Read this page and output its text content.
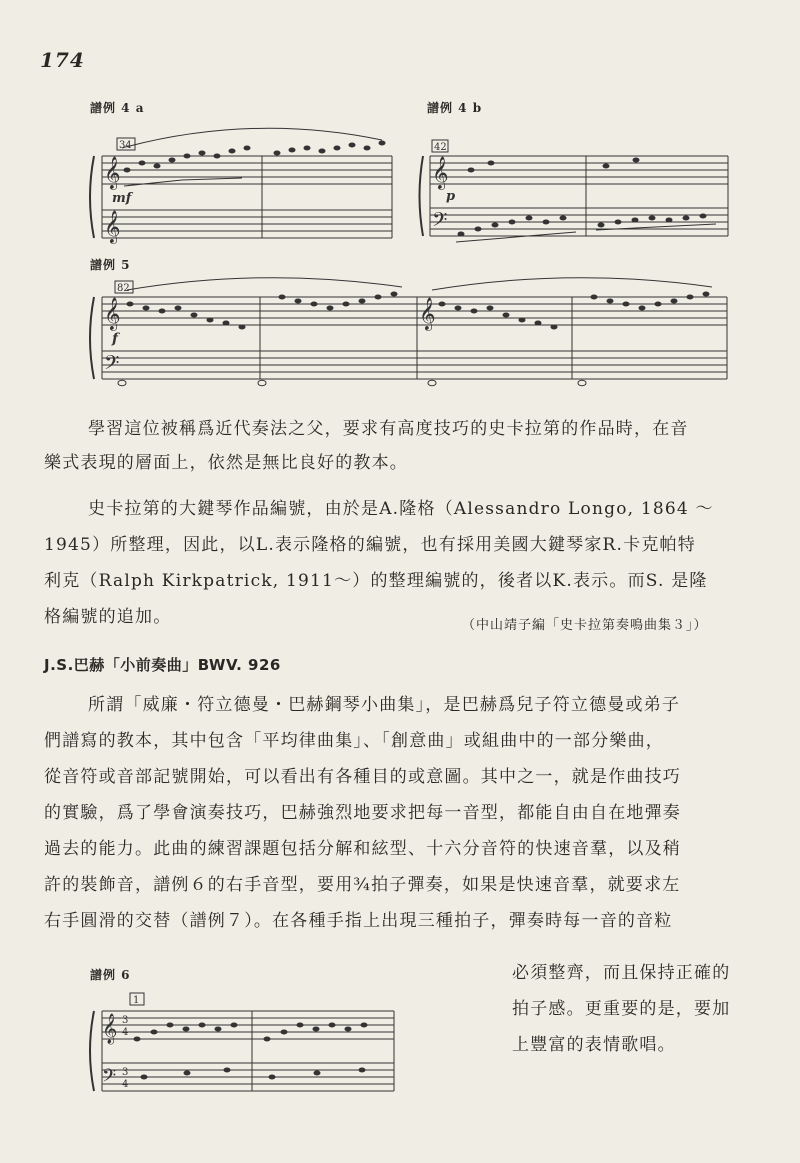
174
譜例 4 a
𝄞
𝄞
34
mf
譜例 4 b
𝄞
𝄢
42
p
譜例 5
𝄞
𝄢
𝄞
82
f
學習這位被稱爲近代奏法之父，要求有高度技巧的史卡拉第的作品時，在音
樂式表現的層面上，依然是無比良好的教本。
史卡拉第的大鍵琴作品編號，由於是A.隆格（Alessandro Longo, 1864 ～
1945）所整理，因此，以L.表示隆格的編號，也有採用美國大鍵琴家R.卡克帕特
利克（Ralph Kirkpatrick, 1911～）的整理編號的，後者以K.表示。而S. 是隆
格編號的追加。	（中山靖子編「史卡拉第奏鳴曲集３」）
J.S.巴赫「小前奏曲」BWV. 926
所謂「威廉・符立德曼・巴赫鋼琴小曲集」，是巴赫爲兒子符立德曼或弟子
們譜寫的教本，其中包含「平均律曲集」、「創意曲」或組曲中的一部分樂曲，
從音符或音部記號開始，可以看出有各種目的或意圖。其中之一，就是作曲技巧
的實驗，爲了學會演奏技巧，巴赫強烈地要求把每一音型，都能自由自在地彈奏
過去的能力。此曲的練習課題包括分解和絃型、十六分音符的快速音羣，以及稍
許的裝飾音，譜例６的右手音型，要用¾拍子彈奏，如果是快速音羣，就要求左
右手圓滑的交替（譜例７）。在各種手指上出現三種拍子，彈奏時每一音的音粒
譜例 6
𝄞
𝄢
3
4
3
4
1
必須整齊，而且保持正確的
拍子感。更重要的是，要加
上豐富的表情歌唱。
